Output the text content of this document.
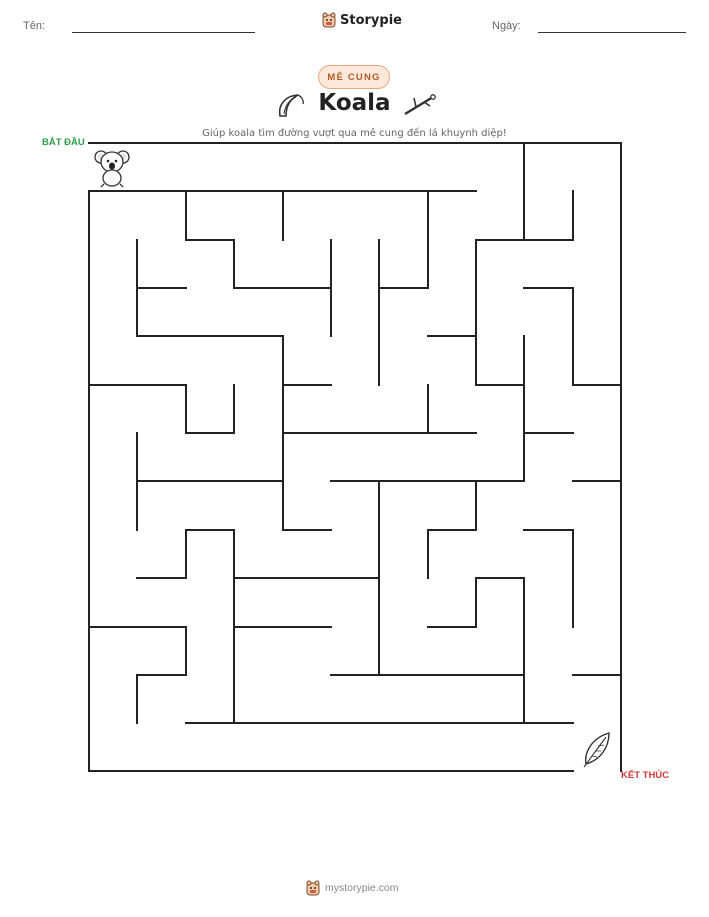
Tên:	Storypie	Ngày:
MÊ CUNG
Koala
Giúp koala tìm đường vượt qua mê cung đến lá khuynh diệp!
BẮT ĐẦU
KẾT THÚC
mystorypie.com
